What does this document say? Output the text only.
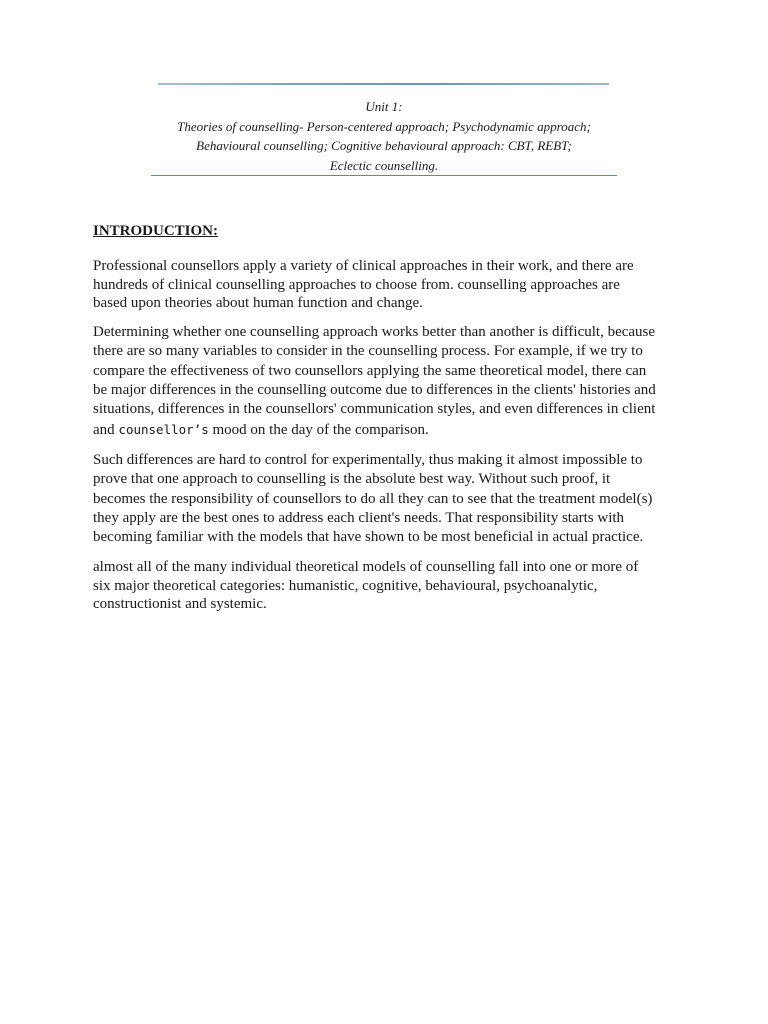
Unit 1:
Theories of counselling- Person-centered approach; Psychodynamic approach;
Behavioural counselling; Cognitive behavioural approach: CBT, REBT;
Eclectic counselling.
INTRODUCTION:

Professional counsellors apply a variety of clinical approaches in their work, and there are
hundreds of clinical counselling approaches to choose from. counselling approaches are
based upon theories about human function and change.

Determining whether one counselling approach works better than another is difficult, because
there are so many variables to consider in the counselling process. For example, if we try to
compare the effectiveness of two counsellors applying the same theoretical model, there can
be major differences in the counselling outcome due to differences in the clients' histories and
situations, differences in the counsellors' communication styles, and even differences in client
and counsellor’s mood on the day of the comparison.

Such differences are hard to control for experimentally, thus making it almost impossible to
prove that one approach to counselling is the absolute best way. Without such proof, it
becomes the responsibility of counsellors to do all they can to see that the treatment model(s)
they apply are the best ones to address each client's needs. That responsibility starts with
becoming familiar with the models that have shown to be most beneficial in actual practice.

almost all of the many individual theoretical models of counselling fall into one or more of
six major theoretical categories: humanistic, cognitive, behavioural, psychoanalytic,
constructionist and systemic.
